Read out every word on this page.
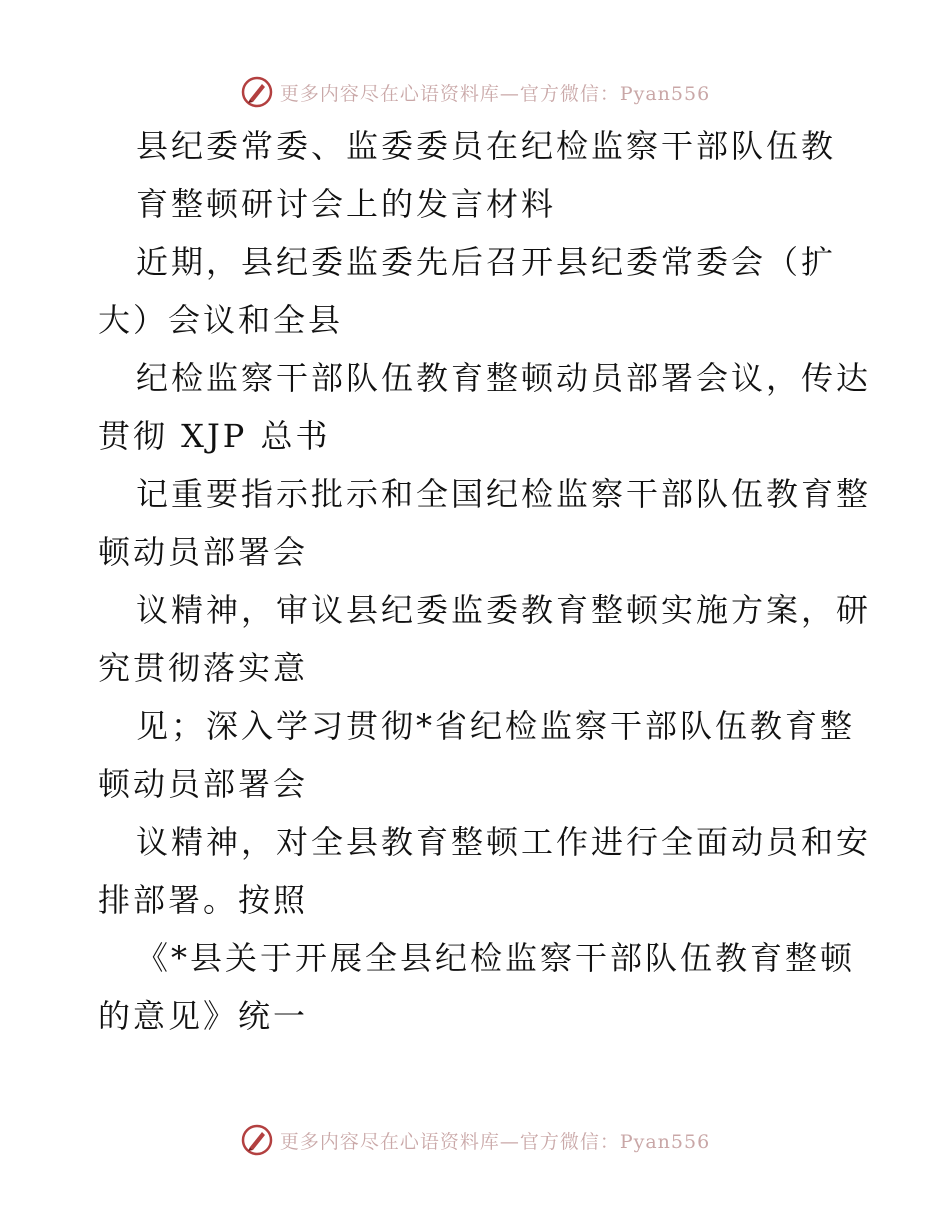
更多内容尽在心语资料库—官方微信：Pyan556
县纪委常委、监委委员在纪检监察干部队伍教
育整顿研讨会上的发言材料
近期，县纪委监委先后召开县纪委常委会（扩
大）会议和全县
纪检监察干部队伍教育整顿动员部署会议，传达
贯彻 XJP 总书
记重要指示批示和全国纪检监察干部队伍教育整
顿动员部署会
议精神，审议县纪委监委教育整顿实施方案，研
究贯彻落实意
见；深入学习贯彻*省纪检监察干部队伍教育整
顿动员部署会
议精神，对全县教育整顿工作进行全面动员和安
排部署。按照
《*县关于开展全县纪检监察干部队伍教育整顿
的意见》统一
更多内容尽在心语资料库—官方微信：Pyan556
